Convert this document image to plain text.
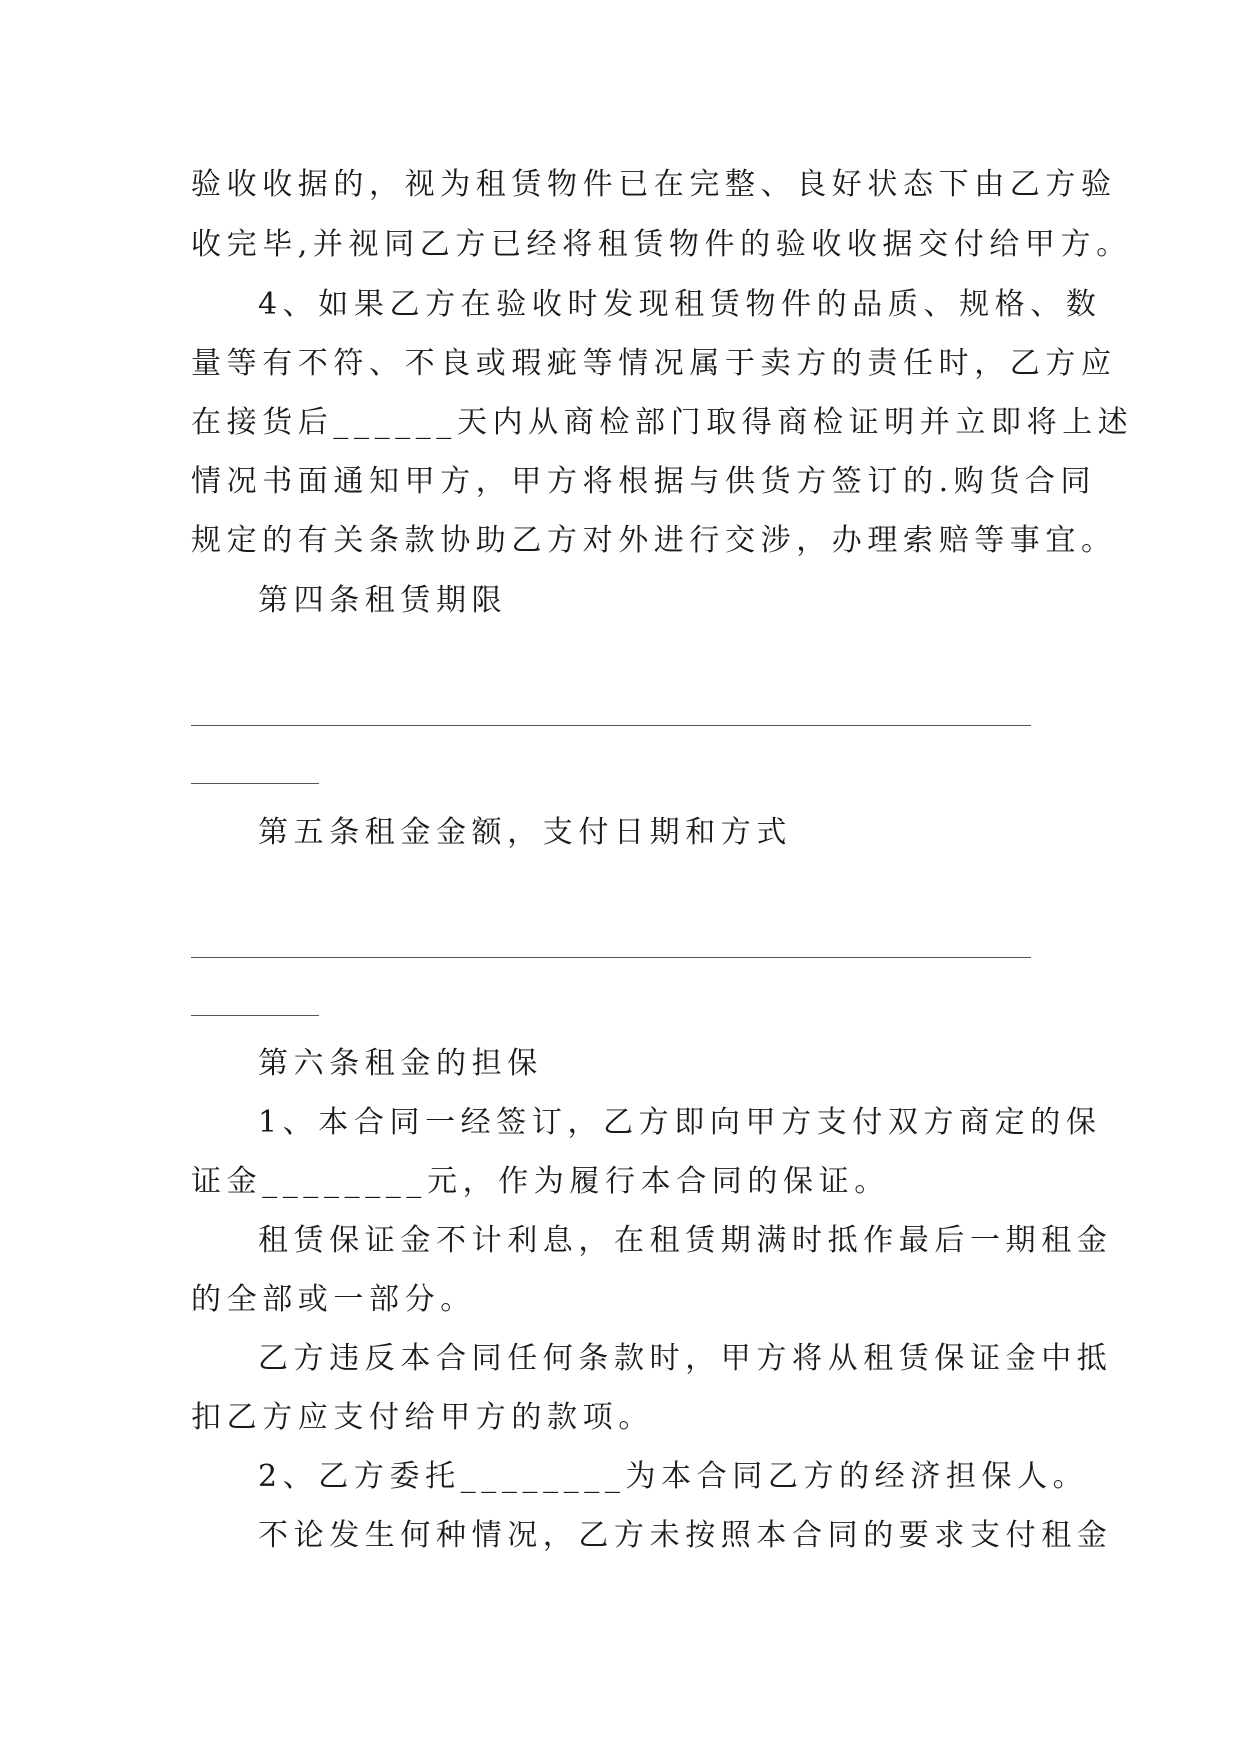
验收收据的，视为租赁物件已在完整、良好状态下由乙方验
收完毕,并视同乙方已经将租赁物件的验收收据交付给甲方。
4、如果乙方在验收时发现租赁物件的品质、规格、数
量等有不符、不良或瑕疵等情况属于卖方的责任时，乙方应
在接货后______天内从商检部门取得商检证明并立即将上述
情况书面通知甲方，甲方将根据与供货方签订的.购货合同
规定的有关条款协助乙方对外进行交涉，办理索赔等事宜。
第四条租赁期限
第五条租金金额，支付日期和方式
第六条租金的担保
1、本合同一经签订，乙方即向甲方支付双方商定的保
证金________元，作为履行本合同的保证。
租赁保证金不计利息，在租赁期满时抵作最后一期租金
的全部或一部分。
乙方违反本合同任何条款时，甲方将从租赁保证金中抵
扣乙方应支付给甲方的款项。
2、乙方委托________为本合同乙方的经济担保人。
不论发生何种情况，乙方未按照本合同的要求支付租金
